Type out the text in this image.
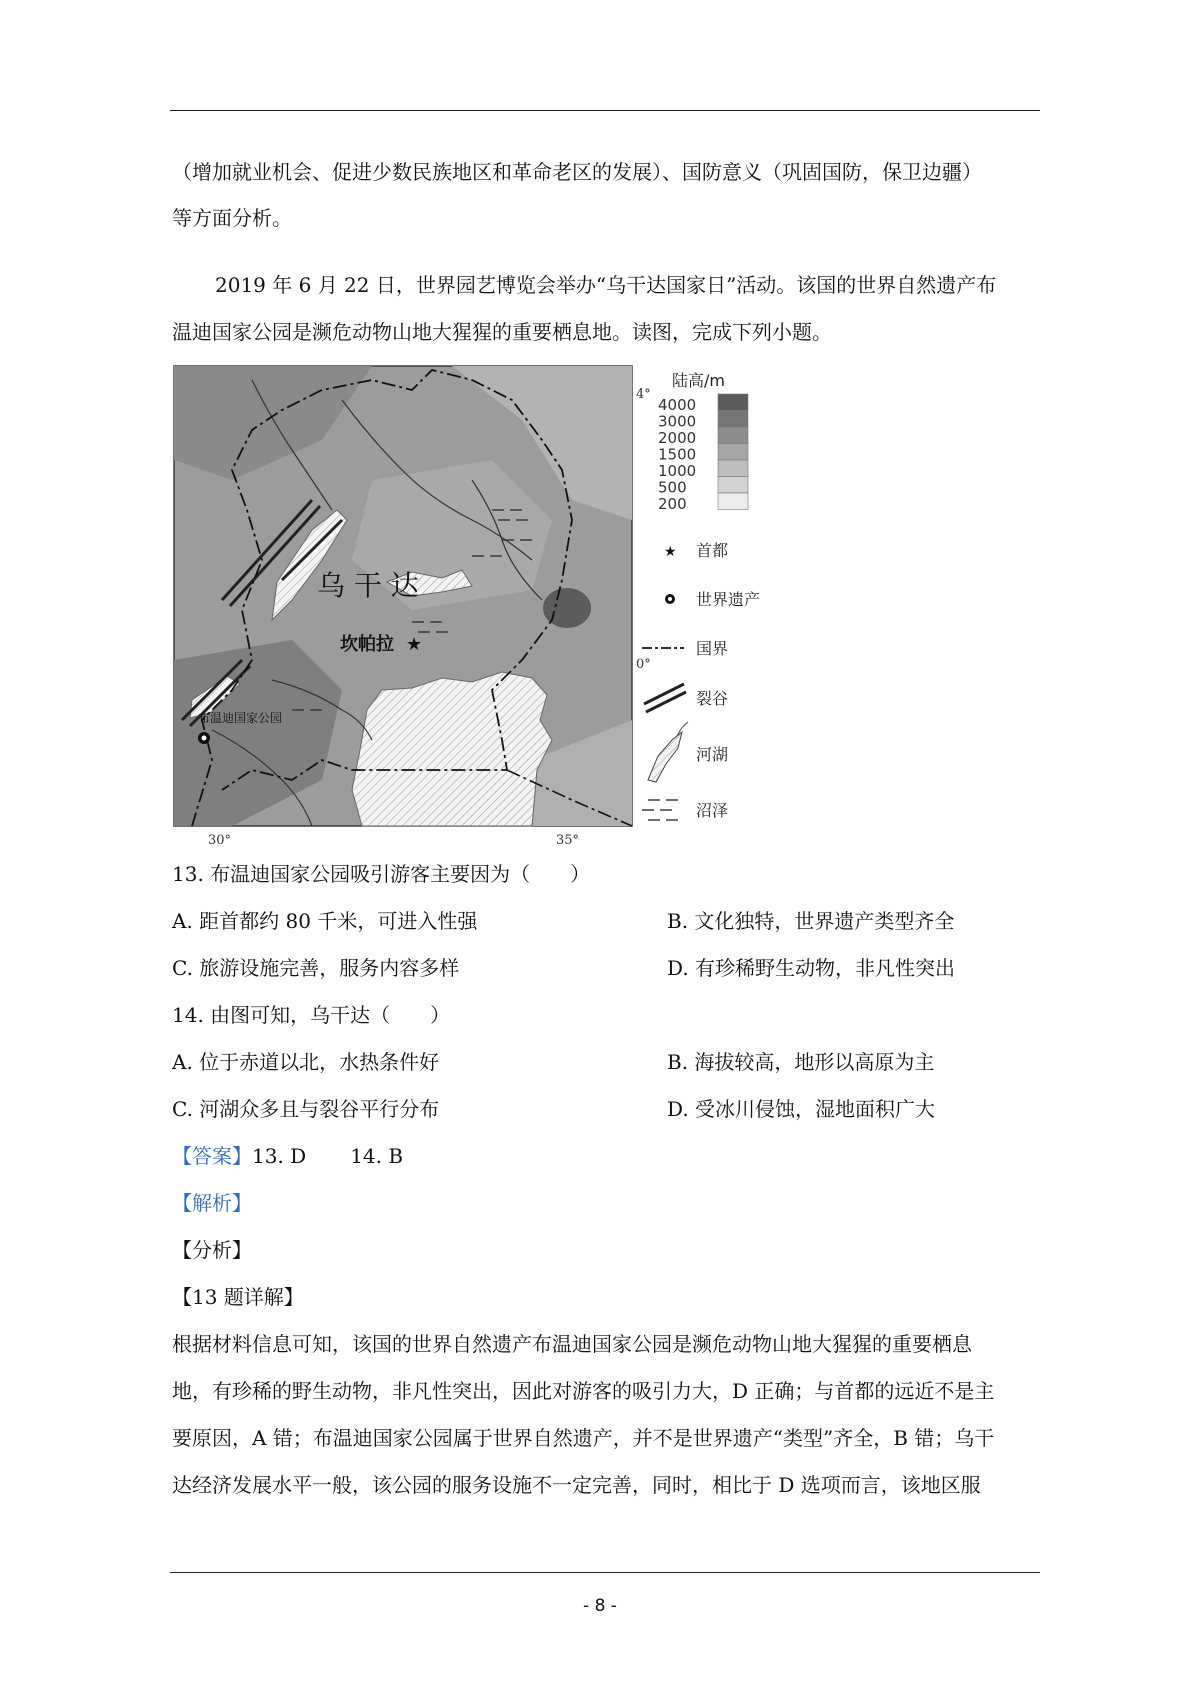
（增加就业机会、促进少数民族地区和革命老区的发展）、国防意义（巩固国防，保卫边疆）
等方面分析。
2019 年 6 月 22 日，世界园艺博览会举办“乌干达国家日”活动。该国的世界自然遗产布
温迪国家公园是濒危动物山地大猩猩的重要栖息地。读图，完成下列小题。
乌 干 达
坎帕拉 ★
布温迪国家公园
4°
0°
30°	35°
陆高/m
4000
3000
2000
1500
1000
500
200
★ 首都
世界遗产
国界
裂谷
河湖
沼泽
13. 布温迪国家公园吸引游客主要因为（　　）
A. 距首都约 80 千米，可进入性强	B. 文化独特，世界遗产类型齐全
C. 旅游设施完善，服务内容多样	D. 有珍稀野生动物，非凡性突出
14. 由图可知，乌干达（　　）
A. 位于赤道以北，水热条件好	B. 海拔较高，地形以高原为主
C. 河湖众多且与裂谷平行分布	D. 受冰川侵蚀，湿地面积广大
【答案】13. D 14. B
【解析】
【分析】
【13 题详解】
根据材料信息可知，该国的世界自然遗产布温迪国家公园是濒危动物山地大猩猩的重要栖息
地，有珍稀的野生动物，非凡性突出，因此对游客的吸引力大，D 正确；与首都的远近不是主
要原因，A 错；布温迪国家公园属于世界自然遗产，并不是世界遗产“类型”齐全，B 错；乌干
达经济发展水平一般，该公园的服务设施不一定完善，同时，相比于 D 选项而言，该地区服
- 8 -
